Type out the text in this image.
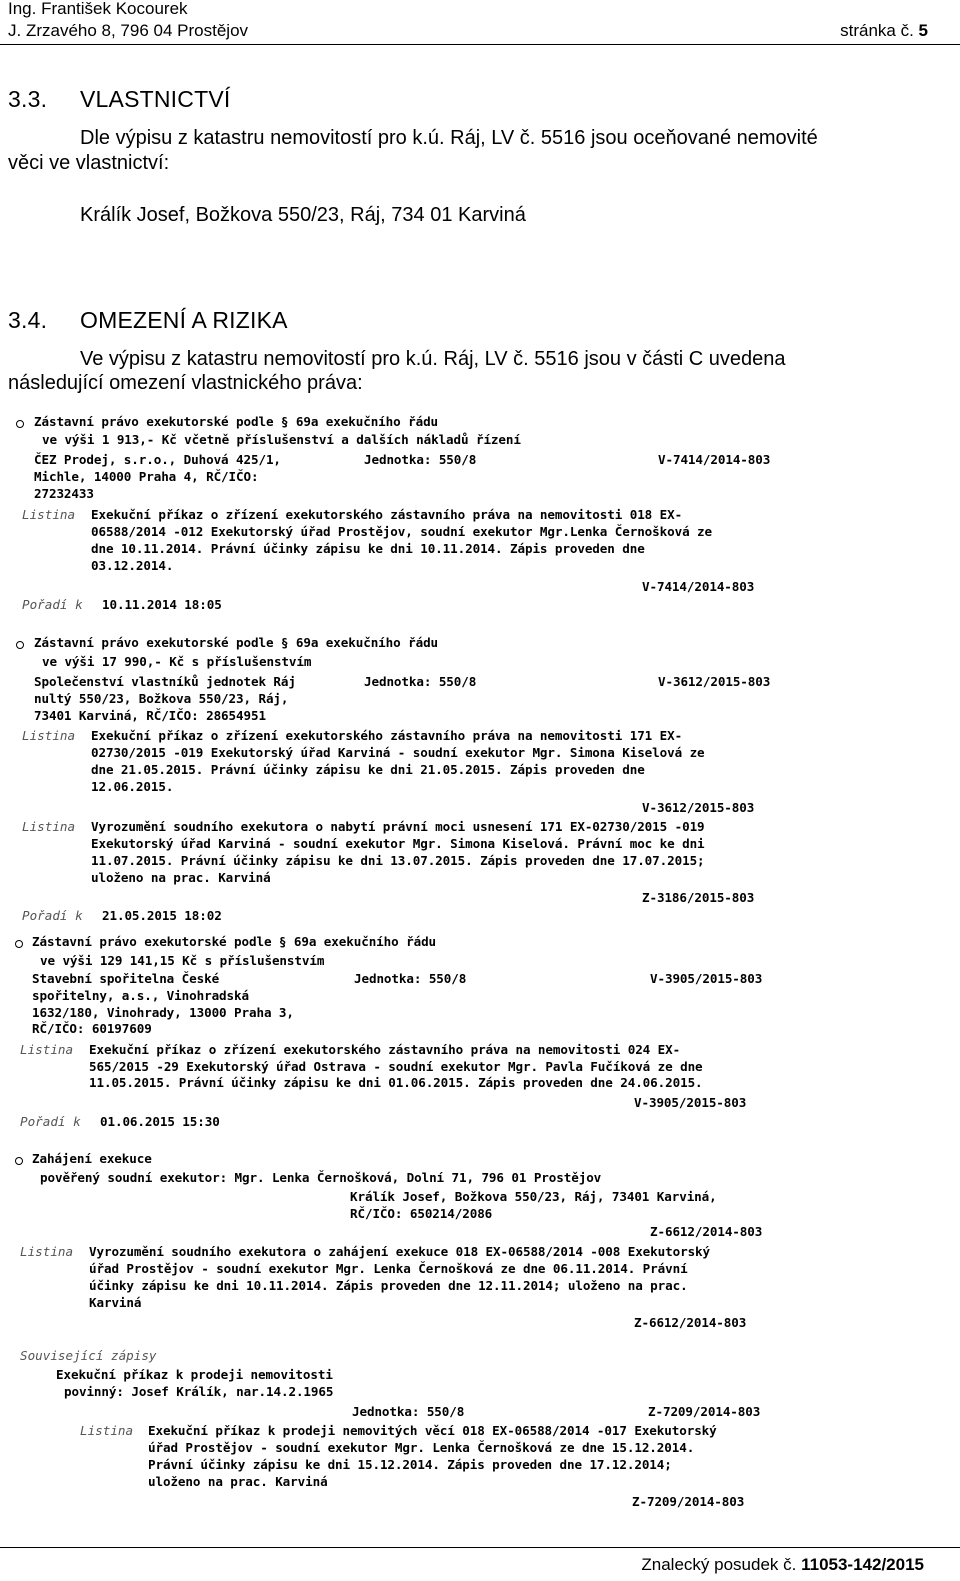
Ing. František Kocourek
J. Zrzavého 8, 796 04 Prostějov	stránka č. 5
3.3. VLASTNICTVÍ
Dle výpisu z katastru nemovitostí pro k.ú. Ráj, LV č. 5516 jsou oceňované nemovité
věci ve vlastnictví:
Králík Josef, Božkova 550/23, Ráj, 734 01 Karviná
3.4. OMEZENÍ A RIZIKA
Ve výpisu z katastru nemovitostí pro k.ú. Ráj, LV č. 5516 jsou v části C uvedena
následující omezení vlastnického práva:
Zástavní právo exekutorské podle § 69a exekučního řádu
ve výši 1 913,- Kč včetně příslušenství a dalších nákladů řízení
ČEZ Prodej, s.r.o., Duhová 425/1,	Jednotka: 550/8	V-7414/2014-803
Michle, 14000 Praha 4, RČ/IČO:
27232433
Listina Exekuční příkaz o zřízení exekutorského zástavního práva na nemovitosti 018 EX-
06588/2014 -012 Exekutorský úřad Prostějov, soudní exekutor Mgr.Lenka Černošková ze
dne 10.11.2014. Právní účinky zápisu ke dni 10.11.2014. Zápis proveden dne
03.12.2014.
V-7414/2014-803
Pořadí k 10.11.2014 18:05
Zástavní právo exekutorské podle § 69a exekučního řádu
ve výši 17 990,- Kč s příslušenstvím
Společenství vlastníků jednotek Ráj	Jednotka: 550/8	V-3612/2015-803
nultý 550/23, Božkova 550/23, Ráj,
73401 Karviná, RČ/IČO: 28654951
Listina Exekuční příkaz o zřízení exekutorského zástavního práva na nemovitosti 171 EX-
02730/2015 -019 Exekutorský úřad Karviná - soudní exekutor Mgr. Simona Kiselová ze
dne 21.05.2015. Právní účinky zápisu ke dni 21.05.2015. Zápis proveden dne
12.06.2015.
V-3612/2015-803
Listina Vyrozumění soudního exekutora o nabytí právní moci usnesení 171 EX-02730/2015 -019
Exekutorský úřad Karviná - soudní exekutor Mgr. Simona Kiselová. Právní moc ke dni
11.07.2015. Právní účinky zápisu ke dni 13.07.2015. Zápis proveden dne 17.07.2015;
uloženo na prac. Karviná
Z-3186/2015-803
Pořadí k 21.05.2015 18:02
Zástavní právo exekutorské podle § 69a exekučního řádu
ve výši 129 141,15 Kč s příslušenstvím
Stavební spořitelna České	Jednotka: 550/8	V-3905/2015-803
spořitelny, a.s., Vinohradská
1632/180, Vinohrady, 13000 Praha 3,
RČ/IČO: 60197609
Listina Exekuční příkaz o zřízení exekutorského zástavního práva na nemovitosti 024 EX-
565/2015 -29 Exekutorský úřad Ostrava - soudní exekutor Mgr. Pavla Fučíková ze dne
11.05.2015. Právní účinky zápisu ke dni 01.06.2015. Zápis proveden dne 24.06.2015.
V-3905/2015-803
Pořadí k 01.06.2015 15:30
Zahájení exekuce
pověřený soudní exekutor: Mgr. Lenka Černošková, Dolní 71, 796 01 Prostějov
Králík Josef, Božkova 550/23, Ráj, 73401 Karviná,
RČ/IČO: 650214/2086
Z-6612/2014-803
Listina Vyrozumění soudního exekutora o zahájení exekuce 018 EX-06588/2014 -008 Exekutorský
úřad Prostějov - soudní exekutor Mgr. Lenka Černošková ze dne 06.11.2014. Právní
účinky zápisu ke dni 10.11.2014. Zápis proveden dne 12.11.2014; uloženo na prac.
Karviná
Z-6612/2014-803
Související zápisy
Exekuční příkaz k prodeji nemovitosti
povinný: Josef Králík, nar.14.2.1965
Jednotka: 550/8	Z-7209/2014-803
Listina Exekuční příkaz k prodeji nemovitých věcí 018 EX-06588/2014 -017 Exekutorský
úřad Prostějov - soudní exekutor Mgr. Lenka Černošková ze dne 15.12.2014.
Právní účinky zápisu ke dni 15.12.2014. Zápis proveden dne 17.12.2014;
uloženo na prac. Karviná
Z-7209/2014-803
Znalecký posudek č. 11053-142/2015
